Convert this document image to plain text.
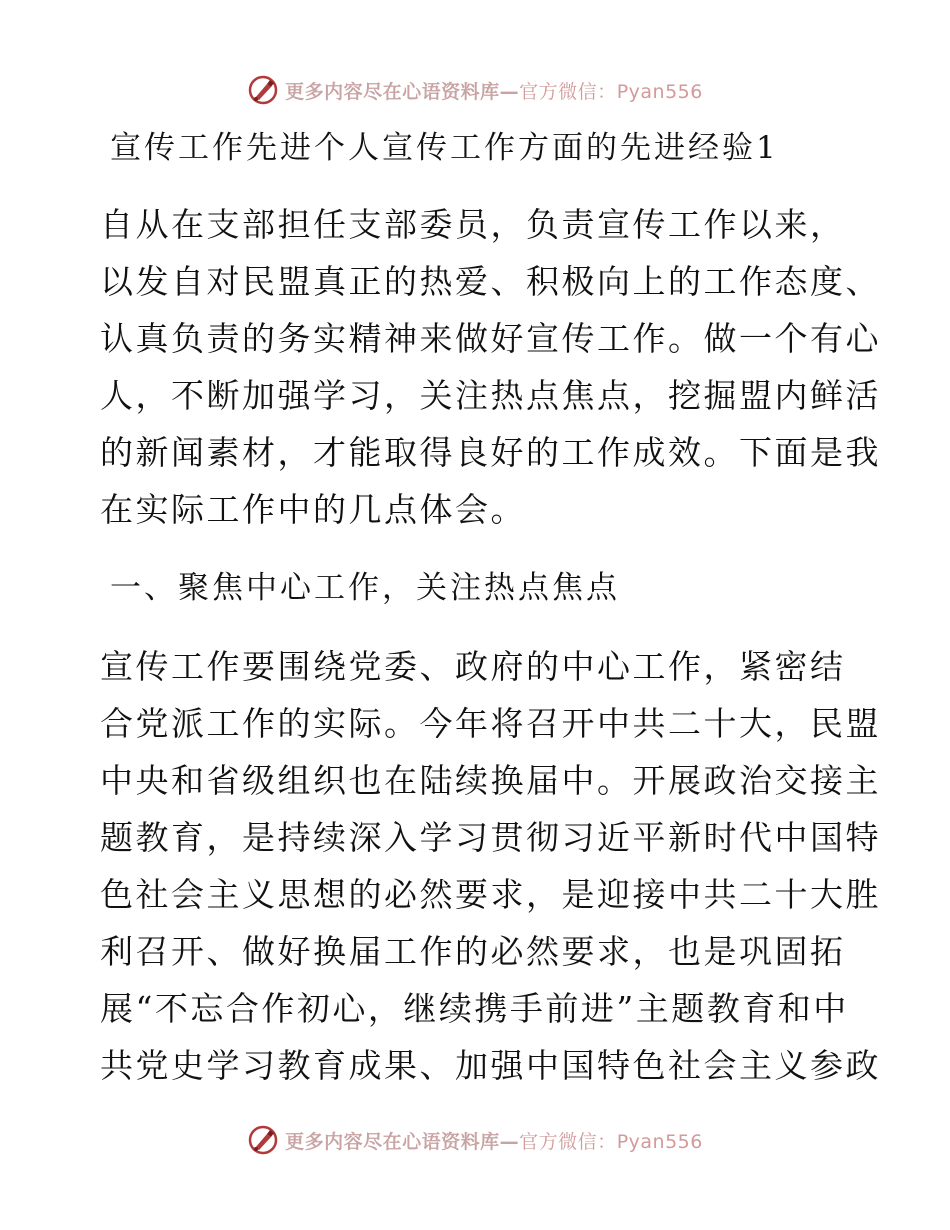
更多内容尽在心语资料库—官方微信：Pyan556
宣传工作先进个人宣传工作方面的先进经验1

自从在支部担任支部委员，负责宣传工作以来，
以发自对民盟真正的热爱、积极向上的工作态度、
认真负责的务实精神来做好宣传工作。做一个有心
人，不断加强学习，关注热点焦点，挖掘盟内鲜活
的新闻素材，才能取得良好的工作成效。下面是我
在实际工作中的几点体会。

一、聚焦中心工作，关注热点焦点

宣传工作要围绕党委、政府的中心工作，紧密结
合党派工作的实际。今年将召开中共二十大，民盟
中央和省级组织也在陆续换届中。开展政治交接主
题教育，是持续深入学习贯彻习近平新时代中国特
色社会主义思想的必然要求，是迎接中共二十大胜
利召开、做好换届工作的必然要求，也是巩固拓
展“不忘合作初心，继续携手前进”主题教育和中
共党史学习教育成果、加强中国特色社会主义参政

更多内容尽在心语资料库—官方微信：Pyan556
